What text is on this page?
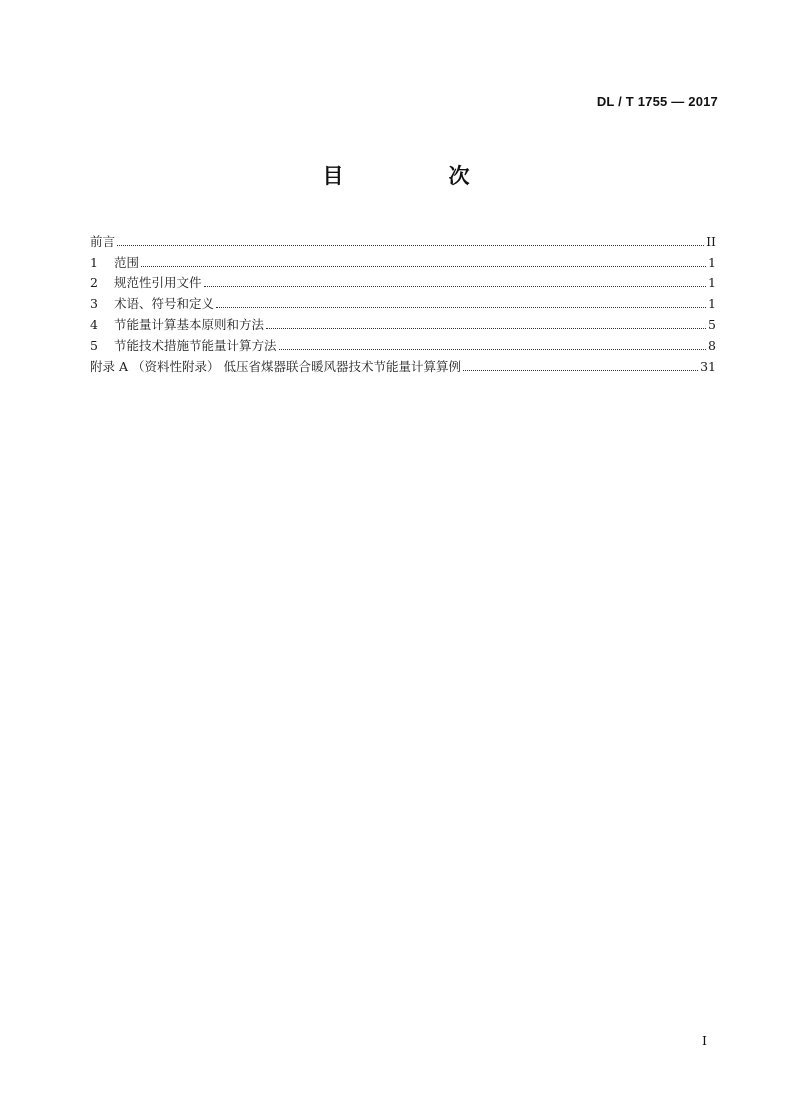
DL / T 1755 — 2017
目　次
前言	II
1	范围	1
2	规范性引用文件	1
3	术语、符号和定义	1
4	节能量计算基本原则和方法	5
5	节能技术措施节能量计算方法	8
附录 A （资料性附录） 低压省煤器联合暖风器技术节能量计算算例	31
I
